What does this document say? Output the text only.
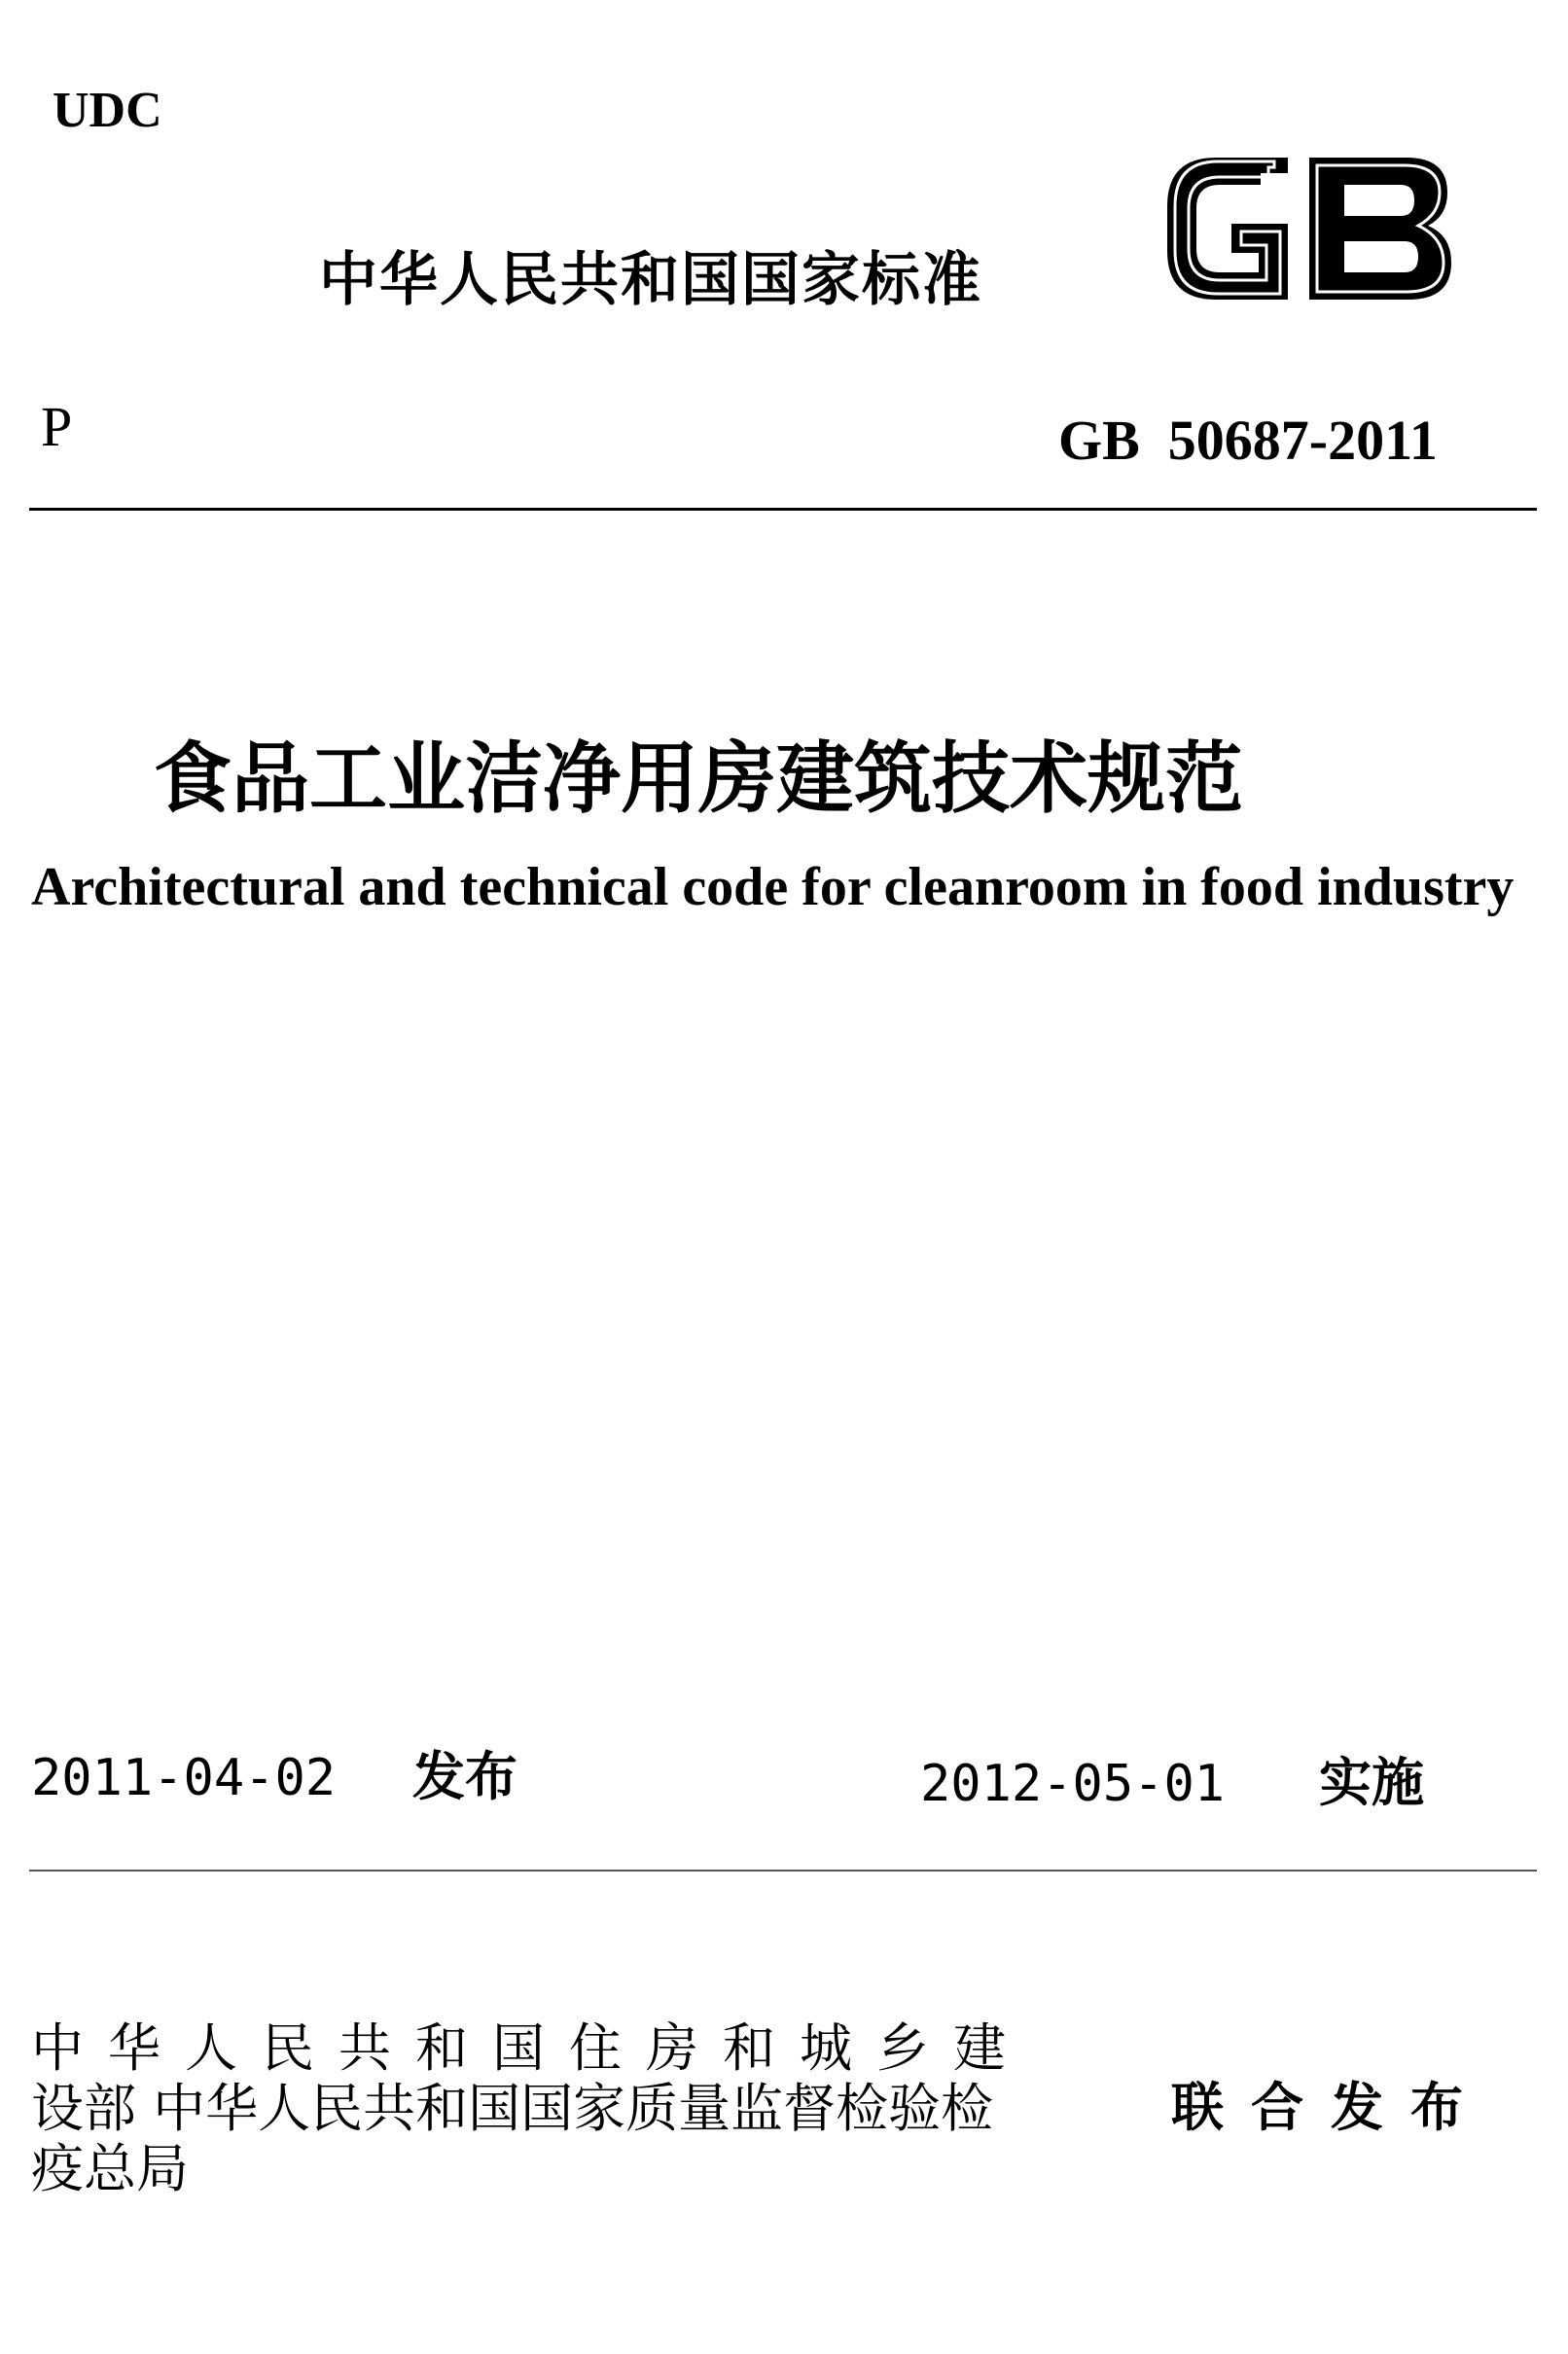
UDC
中华人民共和国国家标准
P	GB  50687-2011
食品工业洁净用房建筑技术规范
Architectural and technical code for cleanroom in food industry
2011-04-02 发布	2012-05-01 实施
中华人民共和国住房和城乡建
设部 中华人民共和国国家质量监督检验检
疫总局
联合发布
